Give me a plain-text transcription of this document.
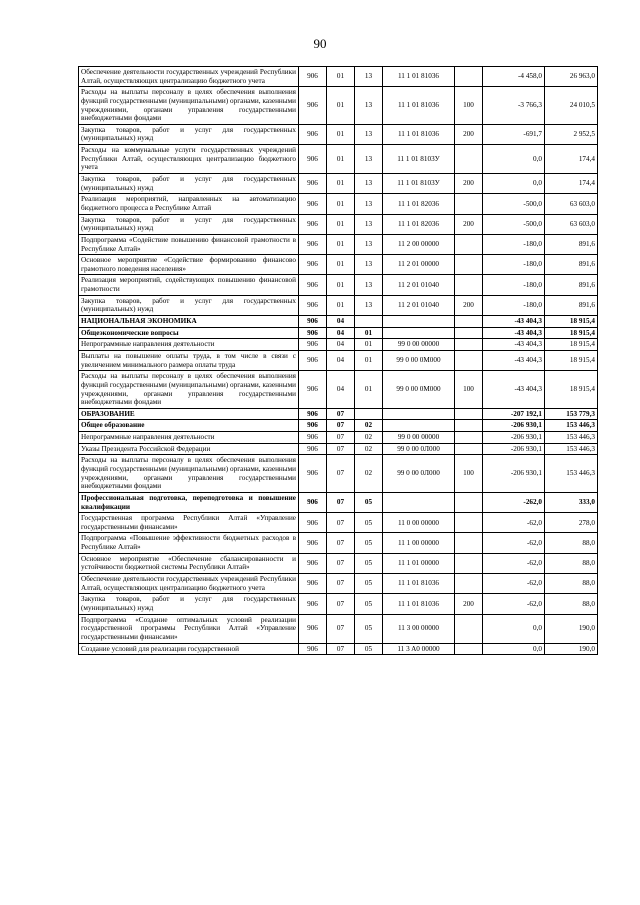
90
Обеспечение деятельности государственных учреждений Республики Алтай, осуществляющих централизацию бюджетного учета	906	01	13	11 1 01 81036		-4 458,0	26 963,0
Расходы на выплаты персоналу в целях обеспечения выполнения функций государственными (муниципальными) органами, казенными учреждениями, органами управления государственными внебюджетными фондами	906	01	13	11 1 01 81036	100	-3 766,3	24 010,5
Закупка товаров, работ и услуг для государственных (муниципальных) нужд	906	01	13	11 1 01 81036	200	-691,7	2 952,5
Расходы на коммунальные услуги государственных учреждений Республики Алтай, осуществляющих централизацию бюджетного учета	906	01	13	11 1 01 8103У		0,0	174,4
Закупка товаров, работ и услуг для государственных (муниципальных) нужд	906	01	13	11 1 01 8103У	200	0,0	174,4
Реализация мероприятий, направленных на автоматизацию бюджетного процесса в Республике Алтай	906	01	13	11 1 01 82036		-500,0	63 603,0
Закупка товаров, работ и услуг для государственных (муниципальных) нужд	906	01	13	11 1 01 82036	200	-500,0	63 603,0
Подпрограмма «Содействие повышению финансовой грамотности в Республике Алтай»	906	01	13	11 2 00 00000		-180,0	891,6
Основное мероприятие «Содействие формированию финансово грамотного поведения населения»	906	01	13	11 2 01 00000		-180,0	891,6
Реализация мероприятий, содействующих повышению финансовой грамотности	906	01	13	11 2 01 01040		-180,0	891,6
Закупка товаров, работ и услуг для государственных (муниципальных) нужд	906	01	13	11 2 01 01040	200	-180,0	891,6
НАЦИОНАЛЬНАЯ ЭКОНОМИКА	906	04				-43 404,3	18 915,4
Общеэкономические вопросы	906	04	01			-43 404,3	18 915,4
Непрограммные направления деятельности	906	04	01	99 0 00 00000		-43 404,3	18 915,4
Выплаты на повышение оплаты труда, в том числе в связи с увеличением минимального размера оплаты труда	906	04	01	99 0 00 0М000		-43 404,3	18 915,4
Расходы на выплаты персоналу в целях обеспечения выполнения функций государственными (муниципальными) органами, казенными учреждениями, органами управления государственными внебюджетными фондами	906	04	01	99 0 00 0М000	100	-43 404,3	18 915,4
ОБРАЗОВАНИЕ	906	07				-207 192,1	153 779,3
Общее образование	906	07	02			-206 930,1	153 446,3
Непрограммные направления деятельности	906	07	02	99 0 00 00000		-206 930,1	153 446,3
Указы Президента Российской Федерации	906	07	02	99 0 00 0Л000		-206 930,1	153 446,3
Расходы на выплаты персоналу в целях обеспечения выполнения функций государственными (муниципальными) органами, казенными учреждениями, органами управления государственными внебюджетными фондами	906	07	02	99 0 00 0Л000	100	-206 930,1	153 446,3
Профессиональная подготовка, переподготовка и повышение квалификации	906	07	05			-262,0	333,0
Государственная программа Республики Алтай «Управление государственными финансами»	906	07	05	11 0 00 00000		-62,0	278,0
Подпрограмма «Повышение эффективности бюджетных расходов в Республике Алтай»	906	07	05	11 1 00 00000		-62,0	88,0
Основное мероприятие «Обеспечение сбалансированности и устойчивости бюджетной системы Республики Алтай»	906	07	05	11 1 01 00000		-62,0	88,0
Обеспечение деятельности государственных учреждений Республики Алтай, осуществляющих централизацию бюджетного учета	906	07	05	11 1 01 81036		-62,0	88,0
Закупка товаров, работ и услуг для государственных (муниципальных) нужд	906	07	05	11 1 01 81036	200	-62,0	88,0
Подпрограмма «Создание оптимальных условий реализации государственной программы Республики Алтай «Управление государственными финансами»	906	07	05	11 3 00 00000		0,0	190,0
Создание условий для реализации государственной	906	07	05	11 3 A0 00000		0,0	190,0
